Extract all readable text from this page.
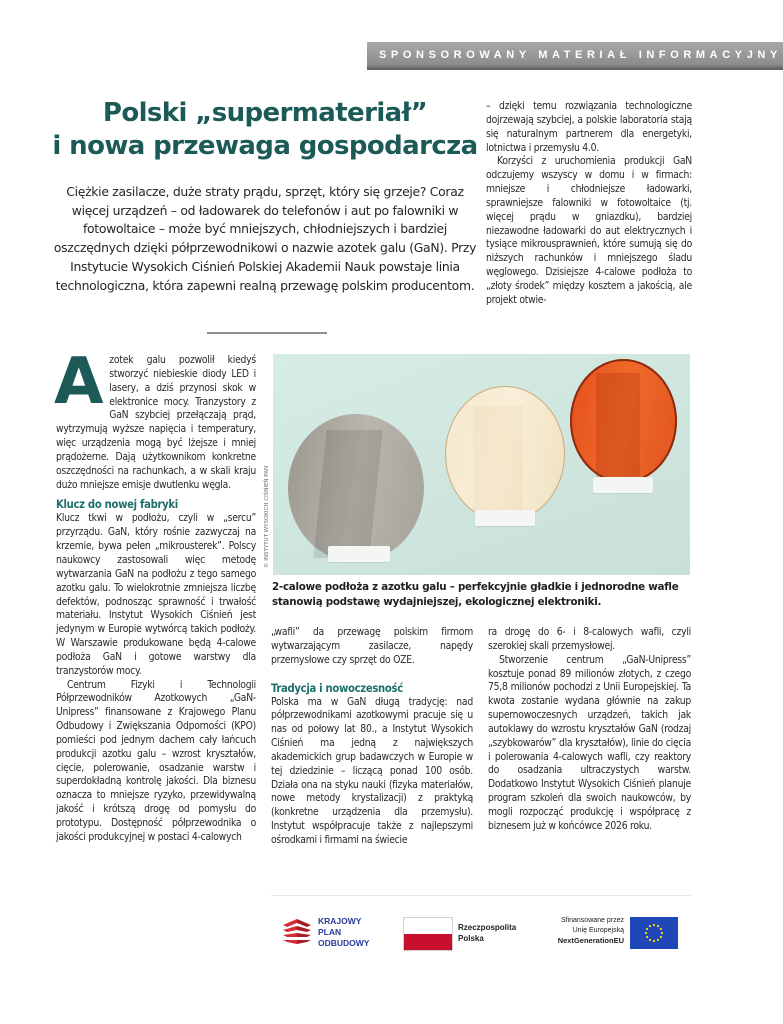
SPONSOROWANY MATERIAŁ INFORMACYJNY
Polski „supermateriał”
i nowa przewaga gospodarcza
Ciężkie zasilacze, duże straty prądu, sprzęt, który się grzeje? Coraz więcej urządzeń – od ładowarek do telefonów i aut po falowniki w fotowoltaice – może być mniejszych, chłodniejszych i bardziej oszczędnych dzięki półprzewodnikowi o nazwie azotek galu (GaN). Przy Instytucie Wysokich Ciśnień Polskiej Akademii Nauk powstaje linia technologiczna, która zapewni realną przewagę polskim producentom.

– dzięki temu rozwiązania technologiczne dojrzewają szybciej, a polskie laboratoria stają się naturalnym partnerem dla energetyki, lotnictwa i przemysłu 4.0.

Korzyści z uruchomienia produkcji GaN odczujemy wszyscy w domu i w firmach: mniejsze i chłodniejsze ładowarki, sprawniejsze falowniki w fotowoltaice (tj. więcej prądu w gniazdku), bardziej niezawodne ładowarki do aut elektrycznych i tysiące mikrousprawnień, które sumują się do niższych rachunków i mniejszego śladu węglowego. Dzisiejsze 4-calowe podłoża to „złoty środek” między kosztem a jakością, ale projekt otwie-

Azotek galu pozwolił kiedyś stworzyć niebieskie diody LED i lasery, a dziś przynosi skok w elektronice mocy. Tranzystory z GaN szybciej przełączają prąd, wytrzymują wyższe napięcia i temperatury, więc urządzenia mogą być lżejsze i mniej prądożerne. Dają użytkownikom konkretne oszczędności na rachunkach, a w skali kraju dużo mniejsze emisje dwutlenku węgla.

Klucz do nowej fabryki

Klucz tkwi w podłożu, czyli w „sercu” przyrządu. GaN, który rośnie zazwyczaj na krzemie, bywa pełen „mikrousterek”. Polscy naukowcy zastosowali więc metodę wytwarzania GaN na podłożu z tego samego azotku galu. To wielokrotnie zmniejsza liczbę defektów, podnosząc sprawność i trwałość materiału. Instytut Wysokich Ciśnień jest jedynym w Europie wytwórcą takich podłoży. W Warszawie produkowane będą 4-calowe podłoża GaN i gotowe warstwy dla tranzystorów mocy.

Centrum Fizyki i Technologii Półprzewodników Azotkowych „GaN-Unipress” finansowane z Krajowego Planu Odbudowy i Zwiększania Odporności (KPO) pomieści pod jednym dachem cały łańcuch produkcji azotku galu – wzrost kryształów, cięcie, polerowanie, osadzanie warstw i superdokładną kontrolę jakości. Dla biznesu oznacza to mniejsze ryzyko, przewidywalną jakość i krótszą drogę od pomysłu do prototypu. Dostępność półprzewodnika o jakości produkcyjnej w postaci 4-calowych

© INSTYTUT WYSOKICH CIŚNIEŃ PAN
2-calowe podłoża z azotku galu – perfekcyjnie gładkie i jednorodne wafle stanowią podstawę wydajniejszej, ekologicznej elektroniki.

„wafli” da przewagę polskim firmom wytwarzającym zasilacze, napędy przemysłowe czy sprzęt do OZE.

Tradycja i nowoczesność

Polska ma w GaN długą tradycję: nad półprzewodnikami azotkowymi pracuje się u nas od połowy lat 80., a Instytut Wysokich Ciśnień ma jedną z największych akademickich grup badawczych w Europie w tej dziedzinie – liczącą ponad 100 osób. Działa ona na styku nauki (fizyka materiałów, nowe metody krystalizacji) z praktyką (konkretne urządzenia dla przemysłu). Instytut współpracuje także z najlepszymi ośrodkami i firmami na świecie

ra drogę do 6- i 8-calowych wafli, czyli szerokiej skali przemysłowej.

Stworzenie centrum „GaN-Unipress” kosztuje ponad 89 milionów złotych, z czego 75,8 milionów pochodzi z Unii Europejskiej. Ta kwota zostanie wydana głównie na zakup supernowoczesnych urządzeń, takich jak autoklawy do wzrostu kryształów GaN (rodzaj „szybkowarów” dla kryształów), linie do cięcia i polerowania 4-calowych wafli, czy reaktory do osadzania ultraczystych warstw. Dodatkowo Instytut Wysokich Ciśnień planuje program szkoleń dla swoich naukowców, by mogli rozpocząć produkcję i współpracę z biznesem już w końcówce 2026 roku.

KRAJOWY
PLAN
ODBUDOWY
Rzeczpospolita
Polska
Sfinansowane przez
Unię Europejską
NextGenerationEU
